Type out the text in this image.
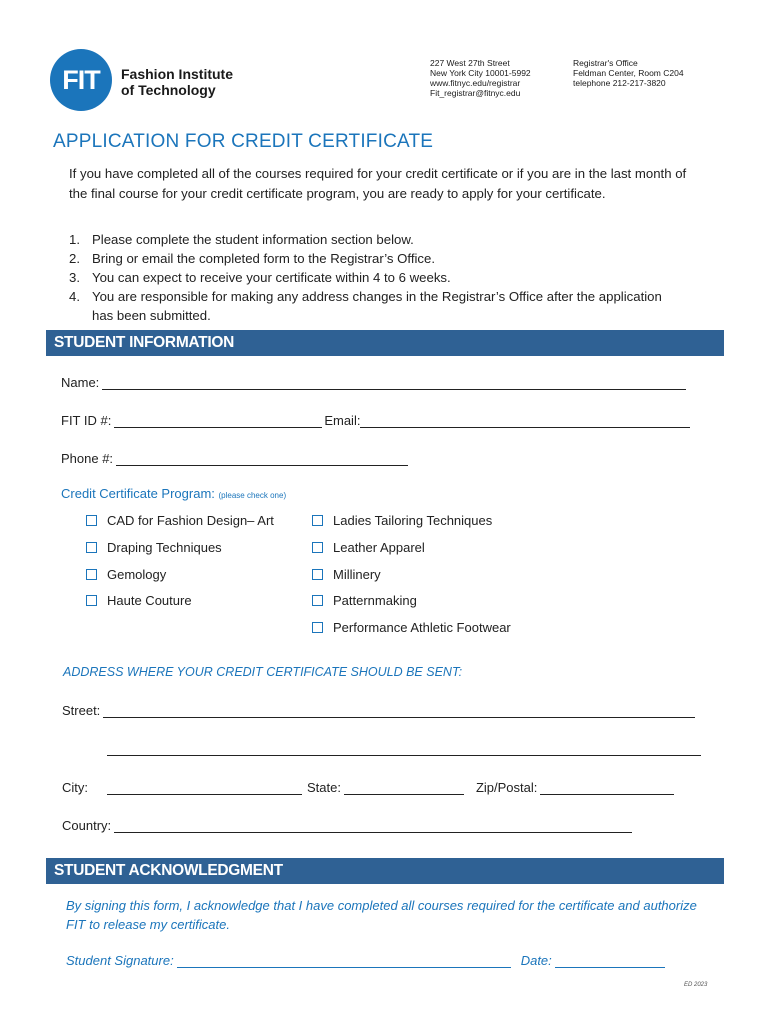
FIT Fashion Institute
of Technology
227 West 27th Street
New York City 10001-5992
www.fitnyc.edu/registrar
Fit_registrar@fitnyc.edu
Registrar's Office
Feldman Center, Room C204
telephone 212-217-3820
APPLICATION FOR CREDIT CERTIFICATE
If you have completed all of the courses required for your credit certificate or if you are in the last month of the final course for your credit certificate program, you are ready to apply for your certificate.
1. Please complete the student information section below.
2. Bring or email the completed form to the Registrar’s Office.
3. You can expect to receive your certificate within 4 to 6 weeks.
4. You are responsible for making any address changes in the Registrar’s Office after the application has been submitted.
STUDENT INFORMATION
Name:
FIT ID #:	Email:
Phone #:
Credit Certificate Program: (please check one)
CAD for Fashion Design– Art
Draping Techniques
Gemology
Haute Couture
Ladies Tailoring Techniques
Leather Apparel
Millinery
Patternmaking
Performance Athletic Footwear
ADDRESS WHERE YOUR CREDIT CERTIFICATE SHOULD BE SENT:
Street:
City:	State:	Zip/Postal:
Country:
STUDENT ACKNOWLEDGMENT
By signing this form, I acknowledge that I have completed all courses required for the certificate and authorize FIT to release my certificate.
Student Signature:	Date:
ED 2023
